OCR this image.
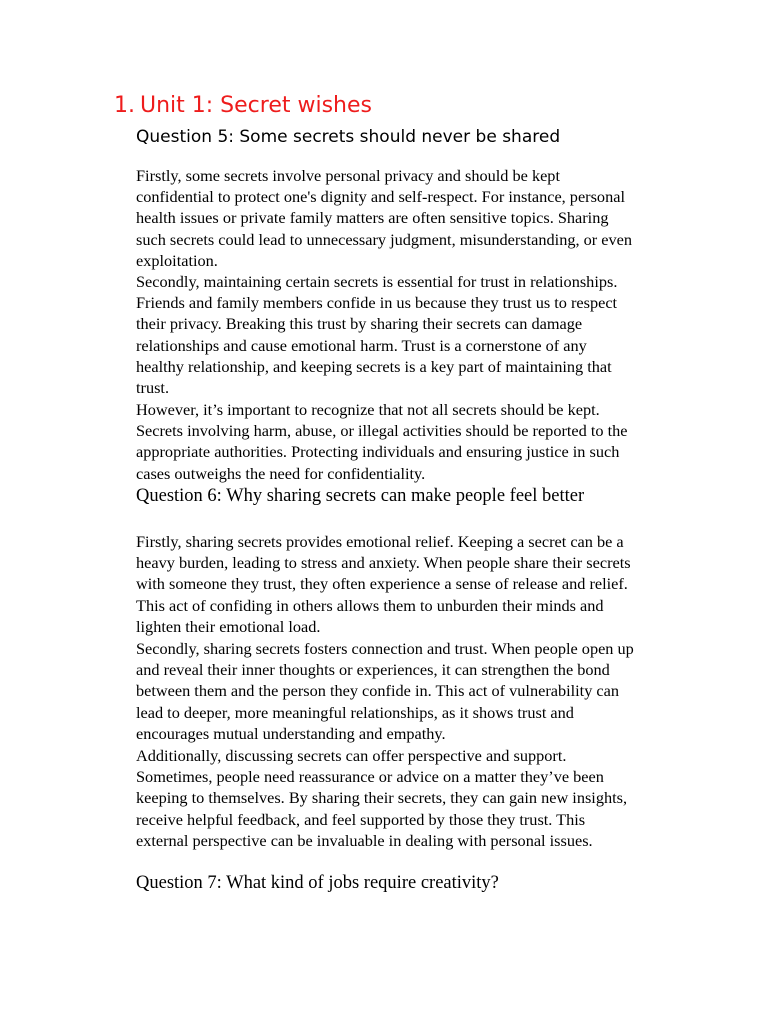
1. Unit 1: Secret wishes
Question 5: Some secrets should never be shared

Firstly, some secrets involve personal privacy and should be kept
confidential to protect one's dignity and self-respect. For instance, personal
health issues or private family matters are often sensitive topics. Sharing
such secrets could lead to unnecessary judgment, misunderstanding, or even
exploitation.

Secondly, maintaining certain secrets is essential for trust in relationships.
Friends and family members confide in us because they trust us to respect
their privacy. Breaking this trust by sharing their secrets can damage
relationships and cause emotional harm. Trust is a cornerstone of any
healthy relationship, and keeping secrets is a key part of maintaining that
trust.

However, it’s important to recognize that not all secrets should be kept.
Secrets involving harm, abuse, or illegal activities should be reported to the
appropriate authorities. Protecting individuals and ensuring justice in such
cases outweighs the need for confidentiality.

Question 6: Why sharing secrets can make people feel better

Firstly, sharing secrets provides emotional relief. Keeping a secret can be a
heavy burden, leading to stress and anxiety. When people share their secrets
with someone they trust, they often experience a sense of release and relief.
This act of confiding in others allows them to unburden their minds and
lighten their emotional load.

Secondly, sharing secrets fosters connection and trust. When people open up
and reveal their inner thoughts or experiences, it can strengthen the bond
between them and the person they confide in. This act of vulnerability can
lead to deeper, more meaningful relationships, as it shows trust and
encourages mutual understanding and empathy.

Additionally, discussing secrets can offer perspective and support.
Sometimes, people need reassurance or advice on a matter they’ve been
keeping to themselves. By sharing their secrets, they can gain new insights,
receive helpful feedback, and feel supported by those they trust. This
external perspective can be invaluable in dealing with personal issues.

Question 7: What kind of jobs require creativity?
